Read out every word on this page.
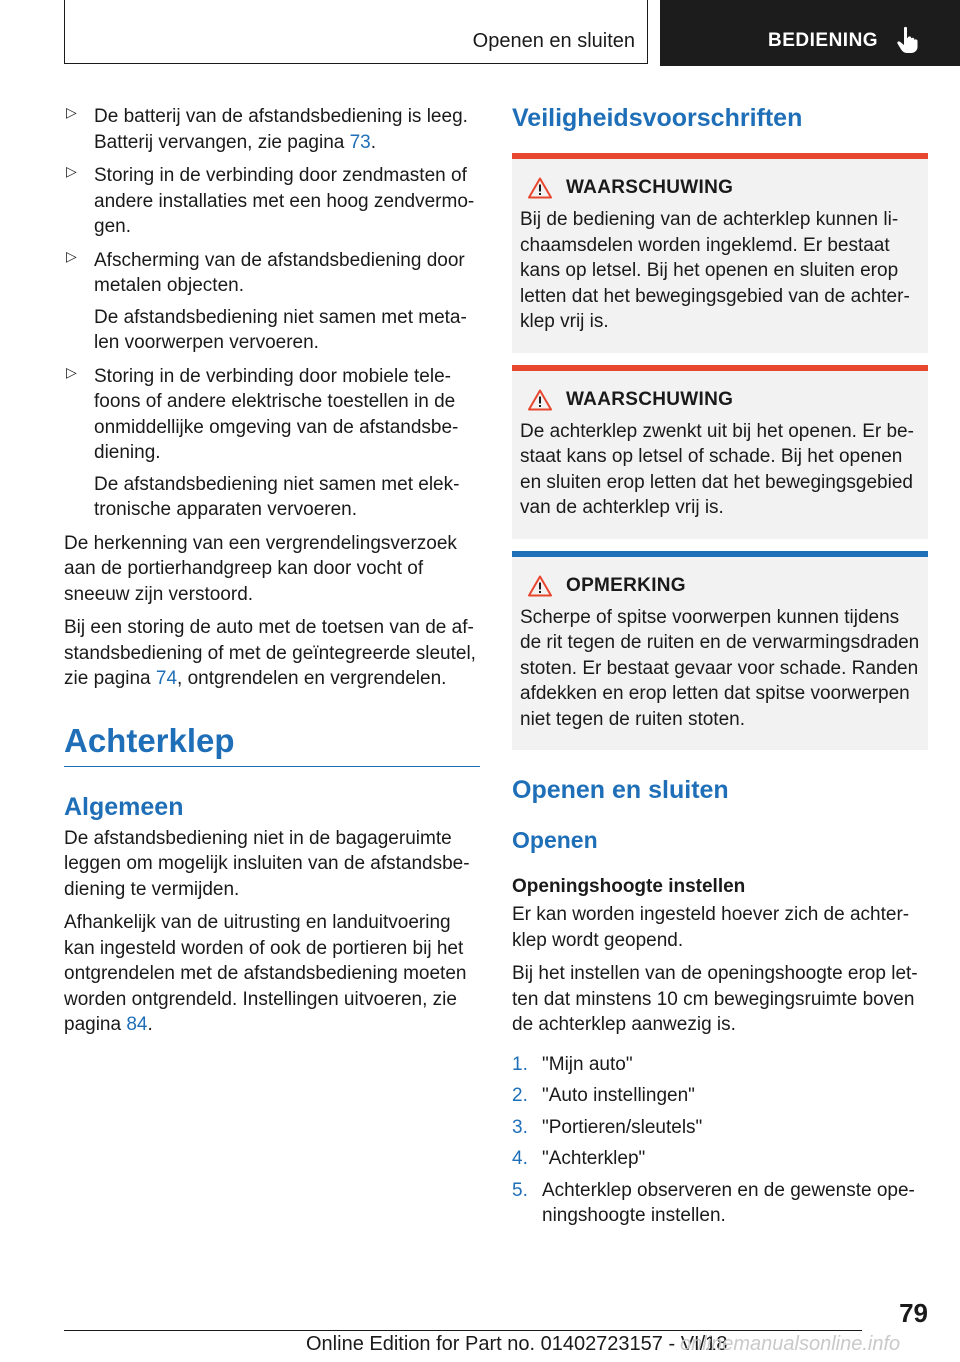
Openen en sluiten	BEDIENING
▷ De batterij van de afstandsbediening is leeg. Batterij vervangen, zie pagina 73.

▷ Storing in de verbinding door zendmasten of andere installaties met een hoog zendvermo‐gen.

▷ Afscherming van de afstandsbediening door metalen objecten.

De afstandsbediening niet samen met meta‐len voorwerpen vervoeren.

▷ Storing in de verbinding door mobiele tele‐foons of andere elektrische toestellen in de onmiddellijke omgeving van de afstandsbe‐diening.

De afstandsbediening niet samen met elek‐tronische apparaten vervoeren.

De herkenning van een vergrendelingsverzoek aan de portierhandgreep kan door vocht of sneeuw zijn verstoord.

Bij een storing de auto met de toetsen van de af‐standsbediening of met de geïntegreerde sleutel, zie pagina 74, ontgrendelen en vergrendelen.

Achterklep
Algemeen

De afstandsbediening niet in de bagageruimte leggen om mogelijk insluiten van de afstandsbe‐diening te vermijden.

Afhankelijk van de uitrusting en landuitvoering kan ingesteld worden of ook de portieren bij het ontgrendelen met de afstandsbediening moeten worden ontgrendeld. Instellingen uitvoeren, zie pagina 84.

Veiligheidsvoorschriften
WAARSCHUWING

Bij de bediening van de achterklep kunnen li‐chaamsdelen worden ingeklemd. Er bestaat kans op letsel. Bij het openen en sluiten erop letten dat het bewegingsgebied van de achter‐klep vrij is.

WAARSCHUWING

De achterklep zwenkt uit bij het openen. Er be‐staat kans op letsel of schade. Bij het openen en sluiten erop letten dat het bewegingsgebied van de achterklep vrij is.

OPMERKING

Scherpe of spitse voorwerpen kunnen tijdens de rit tegen de ruiten en de verwarmingsdraden stoten. Er bestaat gevaar voor schade. Randen afdekken en erop letten dat spitse voorwerpen niet tegen de ruiten stoten.

Openen en sluiten
Openen
Openingshoogte instellen

Er kan worden ingesteld hoever zich de achter‐klep wordt geopend.

Bij het instellen van de openingshoogte erop let‐ten dat minstens 10 cm bewegingsruimte boven de achterklep aanwezig is.

1. "Mijn auto"
2. "Auto instellingen"
3. "Portieren/sleutels"
4. "Achterklep"
5. Achterklep observeren en de gewenste ope‐ningshoogte instellen.
79
Online Edition for Part no. 01402723157 - VI/18
onlinemanualsonline.info
